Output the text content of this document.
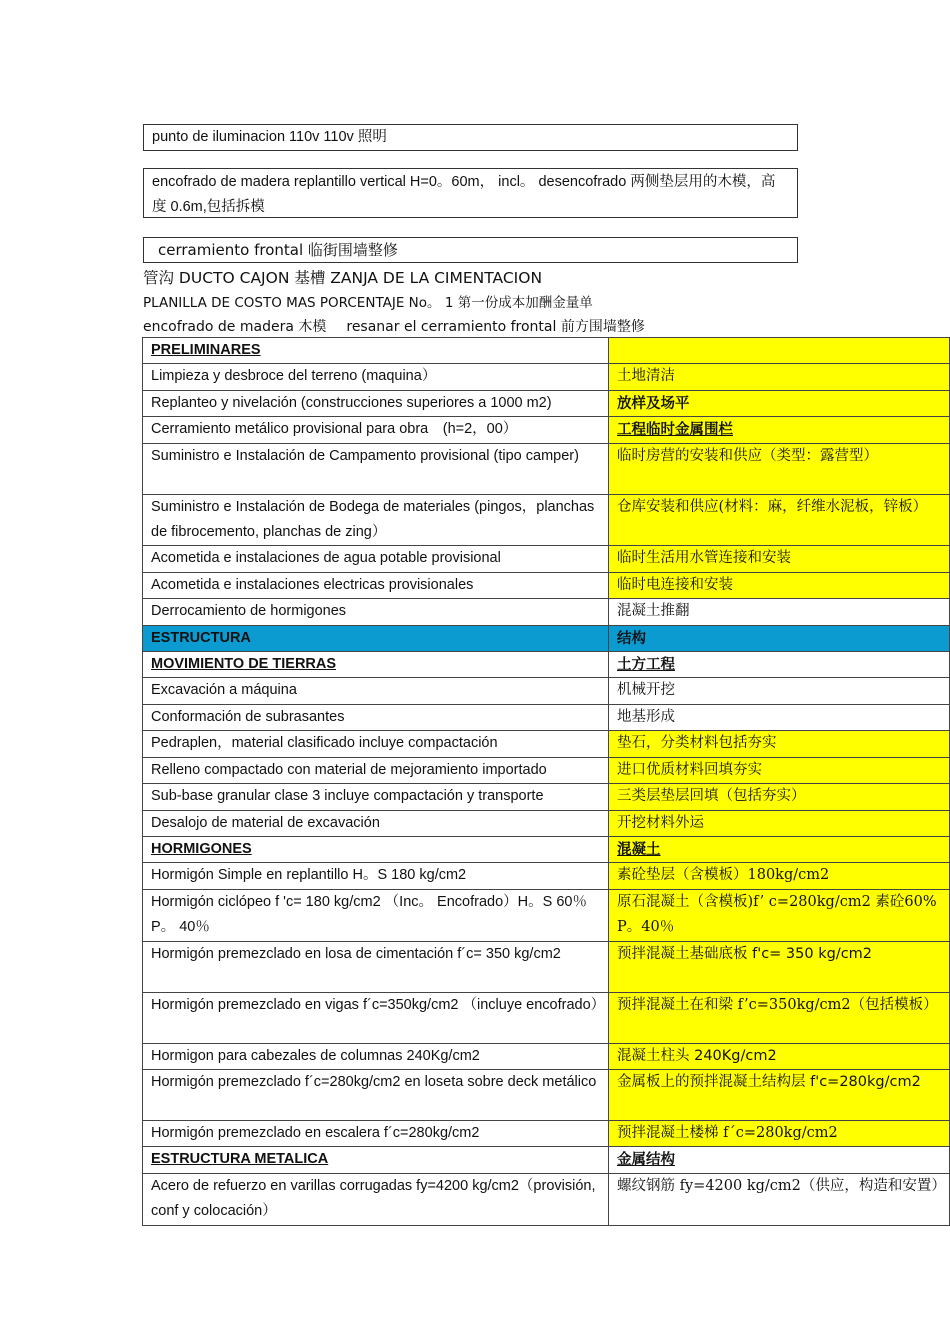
punto de iluminacion 110v 110v 照明
encofrado de madera replantillo vertical H=0。60m， incl。 desencofrado 两侧垫层用的木模，高度 0.6m,包括拆模
cerramiento frontal 临街围墙整修
管沟 DUCTO CAJON 基槽 ZANJA DE LA CIMENTACION
PLANILLA DE COSTO MAS PORCENTAJE No。 1 第一份成本加酬金量单
encofrado de madera 木模 resanar el cerramiento frontal 前方围墙整修
PRELIMINARES	
Limpieza y desbroce del terreno (maquina）	土地清洁
Replanteo y nivelación (construcciones superiores a 1000 m2)	放样及场平
Cerramiento metálico provisional para obra　(h=2，00）	工程临时金属围栏
Suministro e Instalación de Campamento provisional (tipo camper)	临时房营的安装和供应（类型：露营型）
Suministro e Instalación de Bodega de materiales (pingos，planchas de fibrocemento, planchas de zing）	仓库安装和供应(材料：麻，纤维水泥板，锌板）
Acometida e instalaciones de agua potable provisional	临时生活用水管连接和安装
Acometida e instalaciones electricas provisionales	临时电连接和安装
Derrocamiento de hormigones	混凝土推翻
ESTRUCTURA	结构
MOVIMIENTO DE TIERRAS	土方工程
Excavación a máquina	机械开挖
Conformación de subrasantes	地基形成
Pedraplen，material clasificado incluye compactación	垫石，分类材料包括夯实
Relleno compactado con material de mejoramiento importado	进口优质材料回填夯实
Sub-base granular clase 3 incluye compactación y transporte	三类层垫层回填（包括夯实）
Desalojo de material de excavación	开挖材料外运
HORMIGONES	混凝土
Hormigón Simple en replantillo H。S 180 kg/cm2	素砼垫层（含模板）180kg/cm2
Hormigón ciclópeo f 'c= 180 kg/cm2 （Inc。 Encofrado）H。S 60％ P。 40％	原石混凝土（含模板)f’ c=280kg/cm2 素砼60% P。40％
Hormigón premezclado en losa de cimentación f´c= 350 kg/cm2	预拌混凝土基础底板 f'c= 350 kg/cm2
Hormigón premezclado en vigas f´c=350kg/cm2 （incluye encofrado）	预拌混凝土在和梁 f’c=350kg/cm2（包括模板）
Hormigon para cabezales de columnas 240Kg/cm2	混凝土柱头 240Kg/cm2
Hormigón premezclado f´c=280kg/cm2 en loseta sobre deck metálico	金属板上的预拌混凝土结构层 f'c=280kg/cm2
Hormigón premezclado en escalera f´c=280kg/cm2	预拌混凝土楼梯 f´c=280kg/cm2
ESTRUCTURA METALICA	金属结构
Acero de refuerzo en varillas corrugadas fy=4200 kg/cm2（provisión, conf y colocación）	螺纹钢筋 fy=4200 kg/cm2（供应，构造和安置）
